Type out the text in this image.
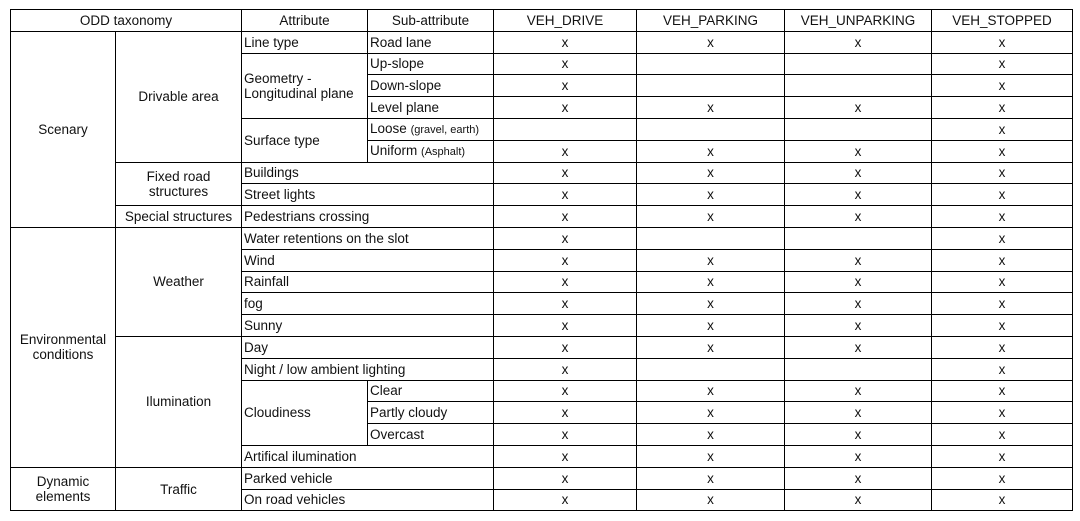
ODD taxonomy		Attribute	Sub-attribute	VEH_DRIVE	VEH_PARKING	VEH_UNPARKING	VEH_STOPPED
Scenary	Drivable area	Line type	Road lane	x	x	x	x
		Geometry - Longitudinal plane	Up-slope	x			x
			Down-slope	x			x
			Level plane	x	x	x	x
		Surface type	Loose (gravel, earth)				x
			Uniform (Asphalt)	x	x	x	x
	Fixed road structures	Buildings		x	x	x	x
		Street lights		x	x	x	x
	Special structures	Pedestrians crossing		x	x	x	x
Environmental conditions	Weather	Water retentions on the slot		x			x
		Wind		x	x	x	x
		Rainfall		x	x	x	x
		fog		x	x	x	x
		Sunny		x	x	x	x
	Ilumination	Day		x	x	x	x
		Night / low ambient lighting		x			x
		Cloudiness	Clear	x	x	x	x
			Partly cloudy	x	x	x	x
			Overcast	x	x	x	x
		Artifical ilumination		x	x	x	x
Dynamic elements	Traffic	Parked vehicle		x	x	x	x
		On road vehicles		x	x	x	x
